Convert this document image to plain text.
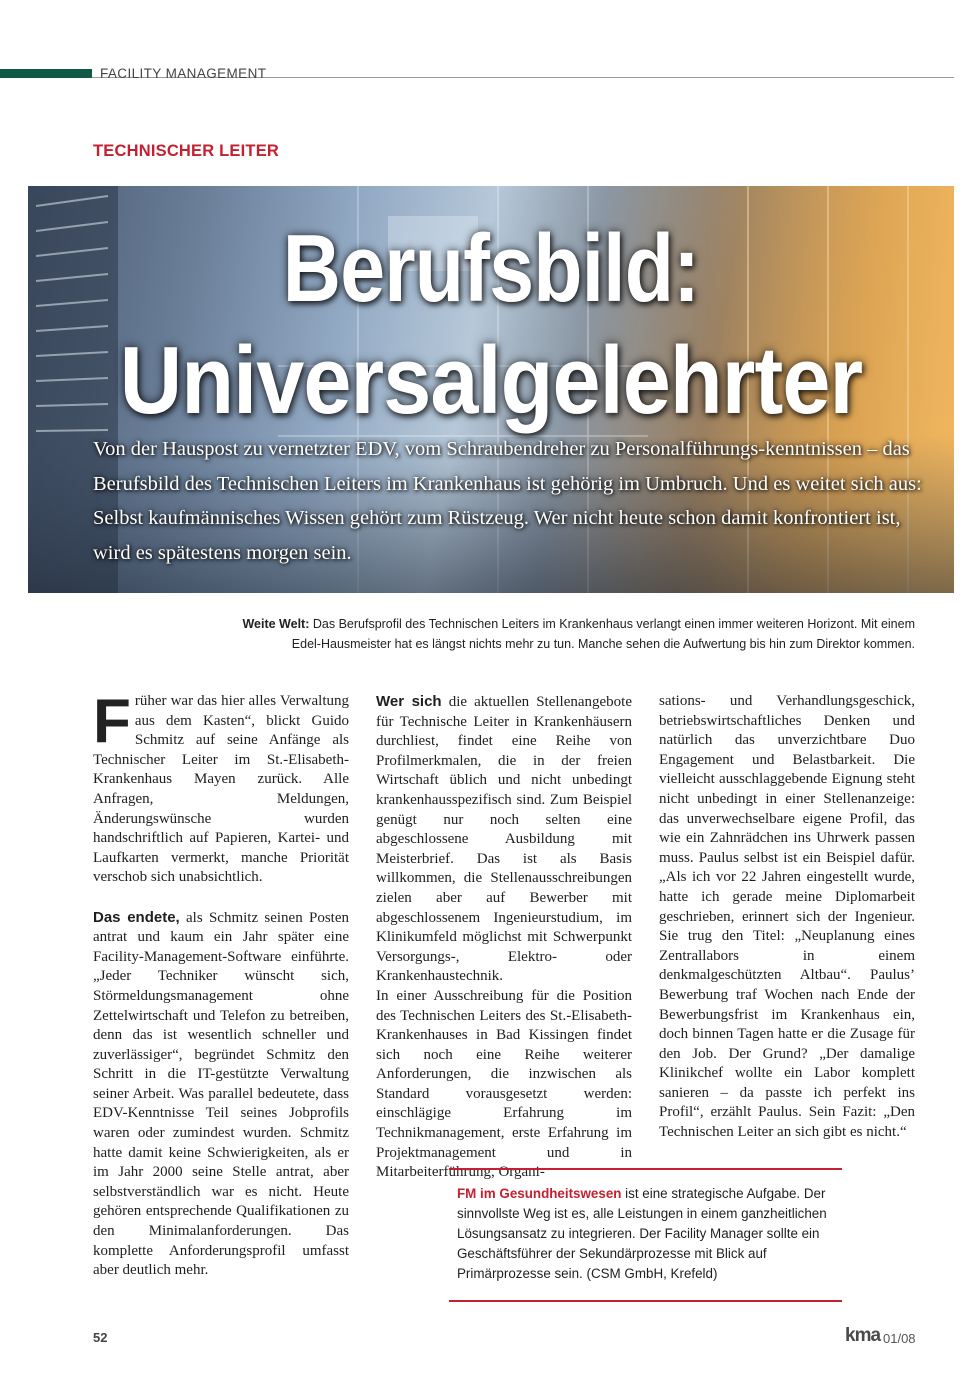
FACILITY MANAGEMENT
TECHNISCHER LEITER
Berufsbild:
Universalgelehrter

Von der Hauspost zu vernetzter EDV, vom Schraubendreher zu Personalführungs-kenntnissen – das Berufsbild des Technischen Leiters im Krankenhaus ist gehörig im Umbruch. Und es weitet sich aus: Selbst kaufmännisches Wissen gehört zum Rüstzeug. Wer nicht heute schon damit konfrontiert ist, wird es spätestens morgen sein.

Weite Welt: Das Berufsprofil des Technischen Leiters im Krankenhaus verlangt einen immer weiteren Horizont. Mit einem
Edel-Hausmeister hat es längst nichts mehr zu tun. Manche sehen die Aufwertung bis hin zum Direktor kommen.

Früher war das hier alles Verwaltung aus dem Kasten“, blickt Guido Schmitz auf seine Anfänge als Technischer Leiter im St.-Elisabeth- Krankenhaus Mayen zurück. Alle Anfragen, Meldungen, Änderungswünsche wurden handschriftlich auf Papieren, Kartei- und Laufkarten vermerkt, manche Priorität verschob sich unabsichtlich.

Das endete, als Schmitz seinen Posten antrat und kaum ein Jahr später eine Facility-Management-Software einführte. „Jeder Techniker wünscht sich, Störmeldungsmanagement ohne Zettelwirtschaft und Telefon zu betreiben, denn das ist wesentlich schneller und zuverlässiger“, begründet Schmitz den Schritt in die IT-gestützte Verwaltung seiner Arbeit. Was parallel bedeutete, dass EDV-Kenntnisse Teil seines Jobprofils waren oder zumindest wurden. Schmitz hatte damit keine Schwierigkeiten, als er im Jahr 2000 seine Stelle antrat, aber selbstverständlich war es nicht. Heute gehören entsprechende Qualifikationen zu den Minimalanforderungen. Das komplette Anforderungsprofil umfasst aber deutlich mehr.

Wer sich die aktuellen Stellenangebote für Technische Leiter in Krankenhäusern durchliest, findet eine Reihe von Profilmerkmalen, die in der freien Wirtschaft üblich und nicht unbedingt krankenhausspezifisch sind. Zum Beispiel genügt nur noch selten eine abgeschlossene Ausbildung mit Meisterbrief. Das ist als Basis willkommen, die Stellenausschreibungen zielen aber auf Bewerber mit abgeschlossenem Ingenieurstudium, im Klinikumfeld möglichst mit Schwerpunkt Versorgungs-, Elektro- oder Krankenhaustechnik.

In einer Ausschreibung für die Position des Technischen Leiters des St.-Elisabeth-Krankenhauses in Bad Kissingen findet sich noch eine Reihe weiterer Anforderungen, die inzwischen als Standard vorausgesetzt werden: einschlägige Erfahrung im Technikmanagement, erste Erfahrung im Projektmanagement und in Mitarbeiterführung, Organi-

sations- und Verhandlungsgeschick, betriebswirtschaftliches Denken und natürlich das unverzichtbare Duo Engagement und Belastbarkeit. Die vielleicht ausschlaggebende Eignung steht nicht unbedingt in einer Stellenanzeige: das unverwechselbare eigene Profil, das wie ein Zahnrädchen ins Uhrwerk passen muss. Paulus selbst ist ein Beispiel dafür. „Als ich vor 22 Jahren eingestellt wurde, hatte ich gerade meine Diplomarbeit geschrieben, erinnert sich der Ingenieur. Sie trug den Titel: „Neuplanung eines Zentrallabors in einem denkmalgeschützten Altbau“. Paulus’ Bewerbung traf Wochen nach Ende der Bewerbungsfrist im Krankenhaus ein, doch binnen Tagen hatte er die Zusage für den Job. Der Grund? „Der damalige Klinikchef wollte ein Labor komplett sanieren – da passte ich perfekt ins Profil“, erzählt Paulus. Sein Fazit: „Den Technischen Leiter an sich gibt es nicht.“

FM im Gesundheitswesen ist eine strategische Aufgabe. Der sinnvollste Weg ist es, alle Leistungen in einem ganzheitlichen Lösungsansatz zu integrieren. Der Facility Manager sollte ein Geschäftsführer der Sekundärprozesse mit Blick auf Primärprozesse sein. (CSM GmbH, Krefeld)

52	kma 01/08
